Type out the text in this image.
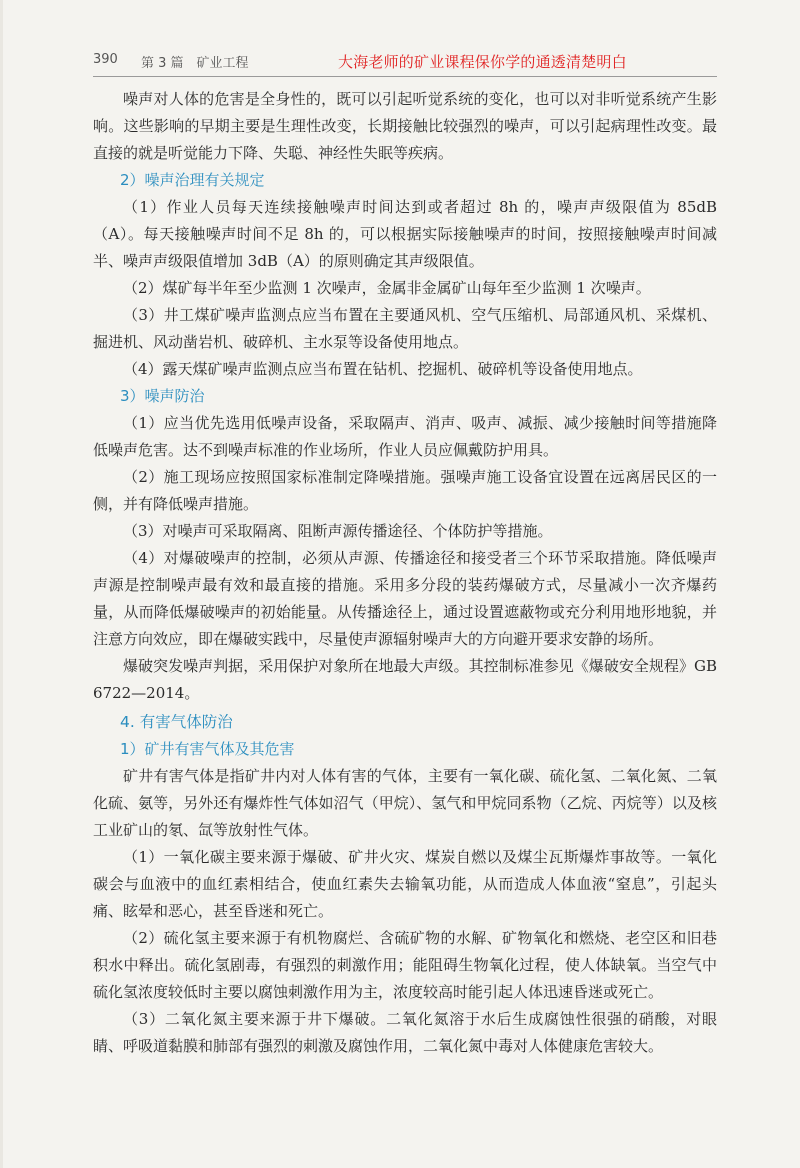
390 第 3 篇　矿业工程	大海老师的矿业课程保你学的通透清楚明白

噪声对人体的危害是全身性的，既可以引起听觉系统的变化，也可以对非听觉系统产生影响。这些影响的早期主要是生理性改变，长期接触比较强烈的噪声，可以引起病理性改变。最直接的就是听觉能力下降、失聪、神经性失眠等疾病。

2）噪声治理有关规定

（1）作业人员每天连续接触噪声时间达到或者超过 8h 的，噪声声级限值为 85dB（A）。每天接触噪声时间不足 8h 的，可以根据实际接触噪声的时间，按照接触噪声时间减半、噪声声级限值增加 3dB（A）的原则确定其声级限值。

（2）煤矿每半年至少监测 1 次噪声，金属非金属矿山每年至少监测 1 次噪声。

（3）井工煤矿噪声监测点应当布置在主要通风机、空气压缩机、局部通风机、采煤机、掘进机、风动凿岩机、破碎机、主水泵等设备使用地点。

（4）露天煤矿噪声监测点应当布置在钻机、挖掘机、破碎机等设备使用地点。

3）噪声防治

（1）应当优先选用低噪声设备，采取隔声、消声、吸声、减振、减少接触时间等措施降低噪声危害。达不到噪声标准的作业场所，作业人员应佩戴防护用具。

（2）施工现场应按照国家标准制定降噪措施。强噪声施工设备宜设置在远离居民区的一侧，并有降低噪声措施。

（3）对噪声可采取隔离、阻断声源传播途径、个体防护等措施。

（4）对爆破噪声的控制，必须从声源、传播途径和接受者三个环节采取措施。降低噪声声源是控制噪声最有效和最直接的措施。采用多分段的装药爆破方式，尽量减小一次齐爆药量，从而降低爆破噪声的初始能量。从传播途径上，通过设置遮蔽物或充分利用地形地貌，并注意方向效应，即在爆破实践中，尽量使声源辐射噪声大的方向避开要求安静的场所。

爆破突发噪声判据，采用保护对象所在地最大声级。其控制标准参见《爆破安全规程》GB 6722—2014。

4. 有害气体防治
1）矿井有害气体及其危害

矿井有害气体是指矿井内对人体有害的气体，主要有一氧化碳、硫化氢、二氧化氮、二氧化硫、氨等，另外还有爆炸性气体如沼气（甲烷）、氢气和甲烷同系物（乙烷、丙烷等）以及核工业矿山的氡、氙等放射性气体。

（1）一氧化碳主要来源于爆破、矿井火灾、煤炭自燃以及煤尘瓦斯爆炸事故等。一氧化碳会与血液中的血红素相结合，使血红素失去输氧功能，从而造成人体血液“窒息”，引起头痛、眩晕和恶心，甚至昏迷和死亡。

（2）硫化氢主要来源于有机物腐烂、含硫矿物的水解、矿物氧化和燃烧、老空区和旧巷积水中释出。硫化氢剧毒，有强烈的刺激作用；能阻碍生物氧化过程，使人体缺氧。当空气中硫化氢浓度较低时主要以腐蚀刺激作用为主，浓度较高时能引起人体迅速昏迷或死亡。

（3）二氧化氮主要来源于井下爆破。二氧化氮溶于水后生成腐蚀性很强的硝酸，对眼睛、呼吸道黏膜和肺部有强烈的刺激及腐蚀作用，二氧化氮中毒对人体健康危害较大。
